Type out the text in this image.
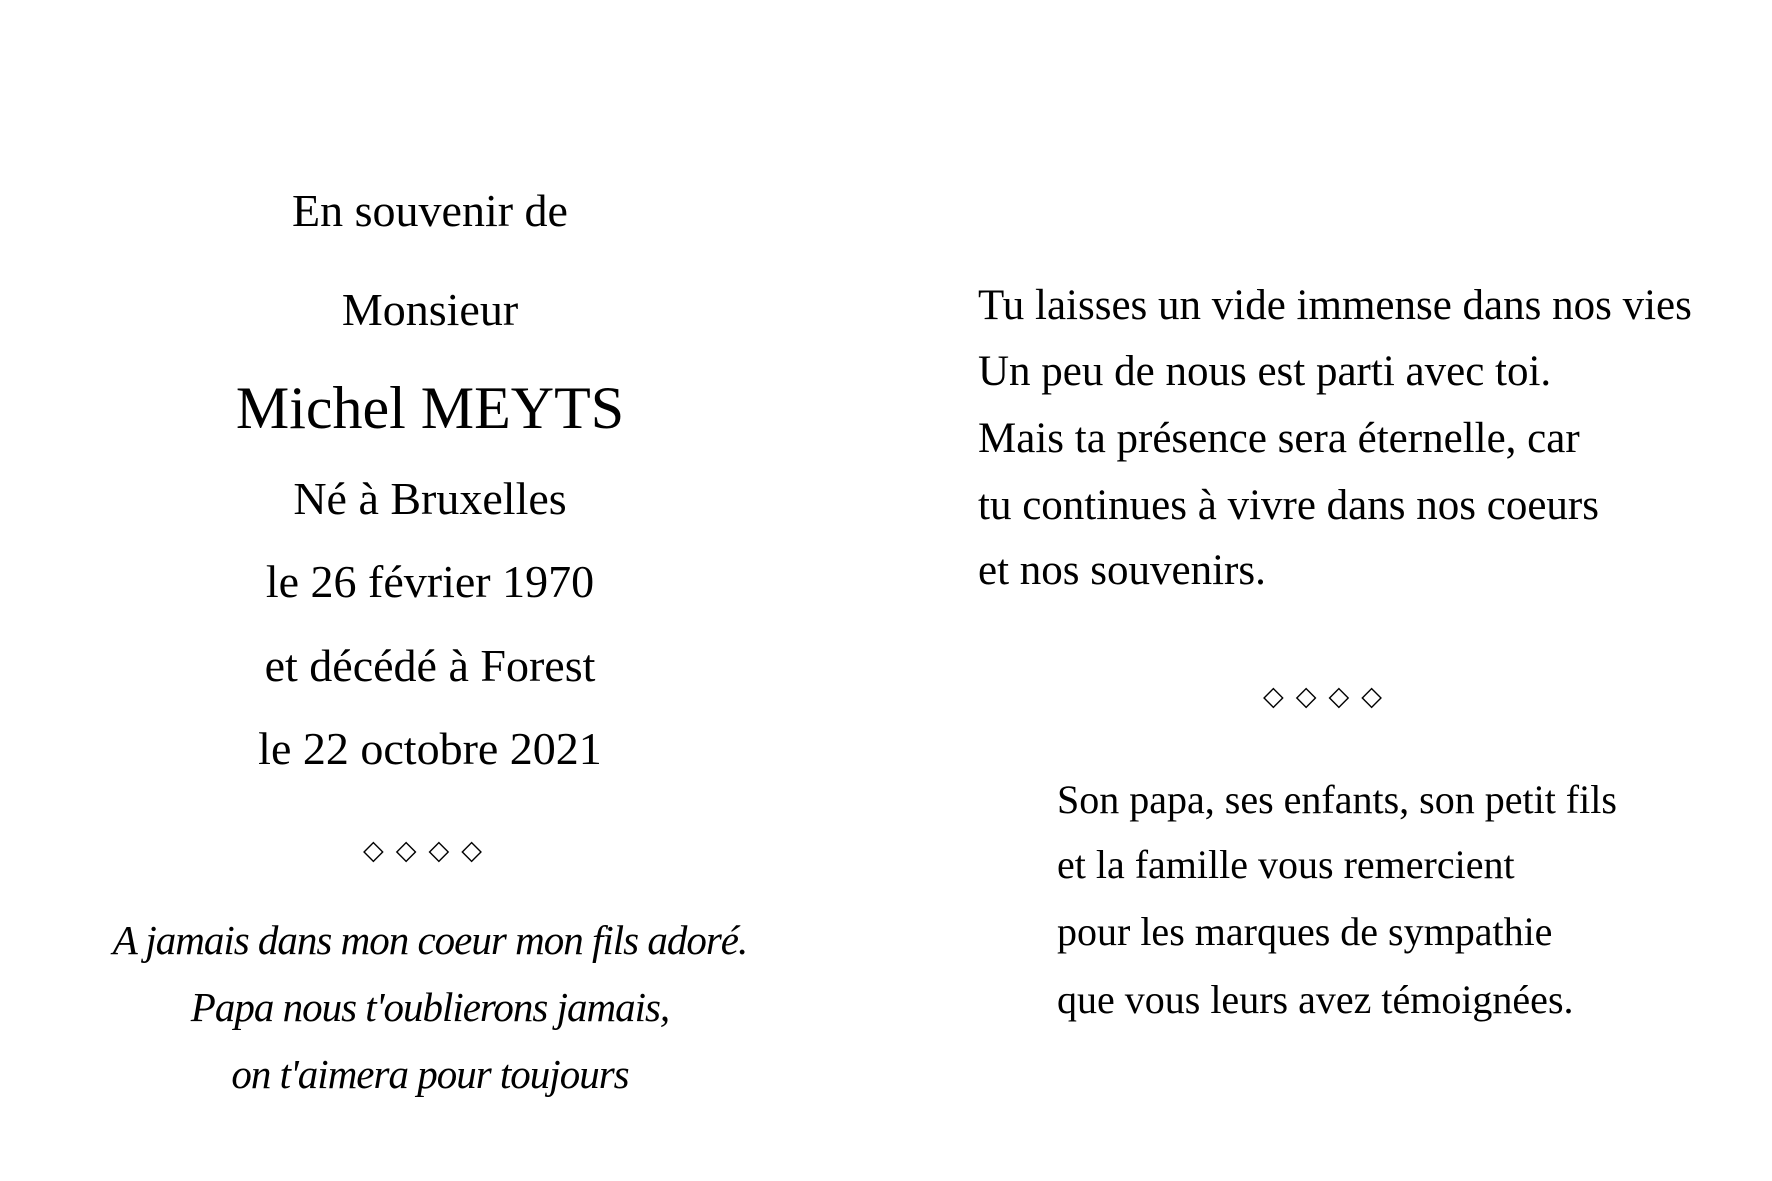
En souvenir de
Monsieur
Michel MEYTS
Né à Bruxelles
le 26 février 1970
et décédé à Forest
le 22 octobre 2021
◇◇◇◇
A jamais dans mon coeur mon fils adoré.
Papa nous t'oublierons jamais,
on t'aimera pour toujours
Tu laisses un vide immense dans nos vies
Un peu de nous est parti avec toi.
Mais ta présence sera éternelle, car
tu continues à vivre dans nos coeurs
et nos souvenirs.
◇◇◇◇
Son papa, ses enfants, son petit fils
et la famille vous remercient
pour les marques de sympathie
que vous leurs avez témoignées.
